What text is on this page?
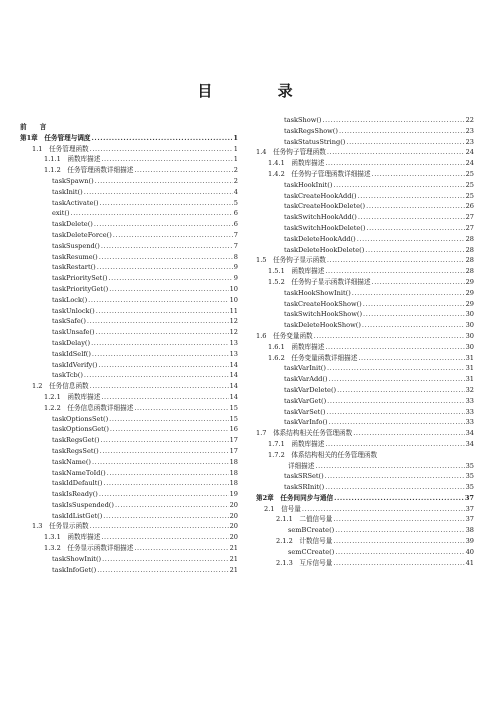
目 录
前　　言
第1章　任务管理与调度 .....	1
1.1　任务管理函数 .....	1
1.1.1　函数库描述 .....	1
1.1.2　任务管理函数详细描述 .....	2
taskSpawn() .....	2
taskInit() .....	4
taskActivate() .....	5
exit() .....	6
taskDelete() .....	6
taskDeleteForce() .....	7
taskSuspend() .....	7
taskResume() .....	8
taskRestart() .....	9
taskPrioritySet() .....	9
taskPriorityGet() .....	10
taskLock() .....	10
taskUnlock() .....	11
taskSafe() .....	12
taskUnsafe() .....	12
taskDelay() .....	13
taskIdSelf() .....	13
taskIdVerify() .....	14
taskTcb() .....	14
1.2　任务信息函数 .....	14
1.2.1　函数库描述 .....	14
1.2.2　任务信息函数详细描述 .....	15
taskOptionsSet() .....	15
taskOptionsGet() .....	16
taskRegsGet() .....	17
taskRegsSet() .....	17
taskName() .....	18
taskNameToId() .....	18
taskIdDefault() .....	18
taskIsReady() .....	19
taskIsSuspended() .....	20
taskIdListGet() .....	20
1.3　任务显示函数 .....	20
1.3.1　函数库描述 .....	20
1.3.2　任务显示函数详细描述 .....	21
taskShowInit() .....	21
taskInfoGet() .....	21
taskShow() .....	22
taskRegsShow() .....	23
taskStatusString() .....	23
1.4　任务钩子管理函数 .....	24
1.4.1　函数库描述 .....	24
1.4.2　任务钩子管理函数详细描述 .....	25
taskHookInit() .....	25
taskCreateHookAdd() .....	25
taskCreateHookDelete() .....	26
taskSwitchHookAdd() .....	27
taskSwitchHookDelete() .....	27
taskDeleteHookAdd() .....	28
taskDeleteHookDelete() .....	28
1.5　任务钩子显示函数 .....	28
1.5.1　函数库描述 .....	28
1.5.2　任务钩子显示函数详细描述 .....	29
taskHookShowInit() .....	29
taskCreateHookShow() .....	29
taskSwitchHookShow() .....	30
taskDeleteHookShow() .....	30
1.6　任务变量函数 .....	30
1.6.1　函数库描述 .....	30
1.6.2　任务变量函数详细描述 .....	31
taskVarInit() .....	31
taskVarAdd() .....	31
taskVarDelete() .....	32
taskVarGet() .....	33
taskVarSet() .....	33
taskVarInfo() .....	33
1.7　体系结构相关任务管理函数 .....	34
1.7.1　函数库描述 .....	34
1.7.2　体系结构相关的任务管理函数
详细描述 .....	35
taskSRSet() .....	35
taskSRInit() .....	35
第2章　任务间同步与通信 .....	37
2.1　信号量 .....	37
2.1.1　二值信号量 .....	37
semBCreate() .....	38
2.1.2　计数信号量 .....	39
semCCreate() .....	40
2.1.3　互斥信号量 .....	41
